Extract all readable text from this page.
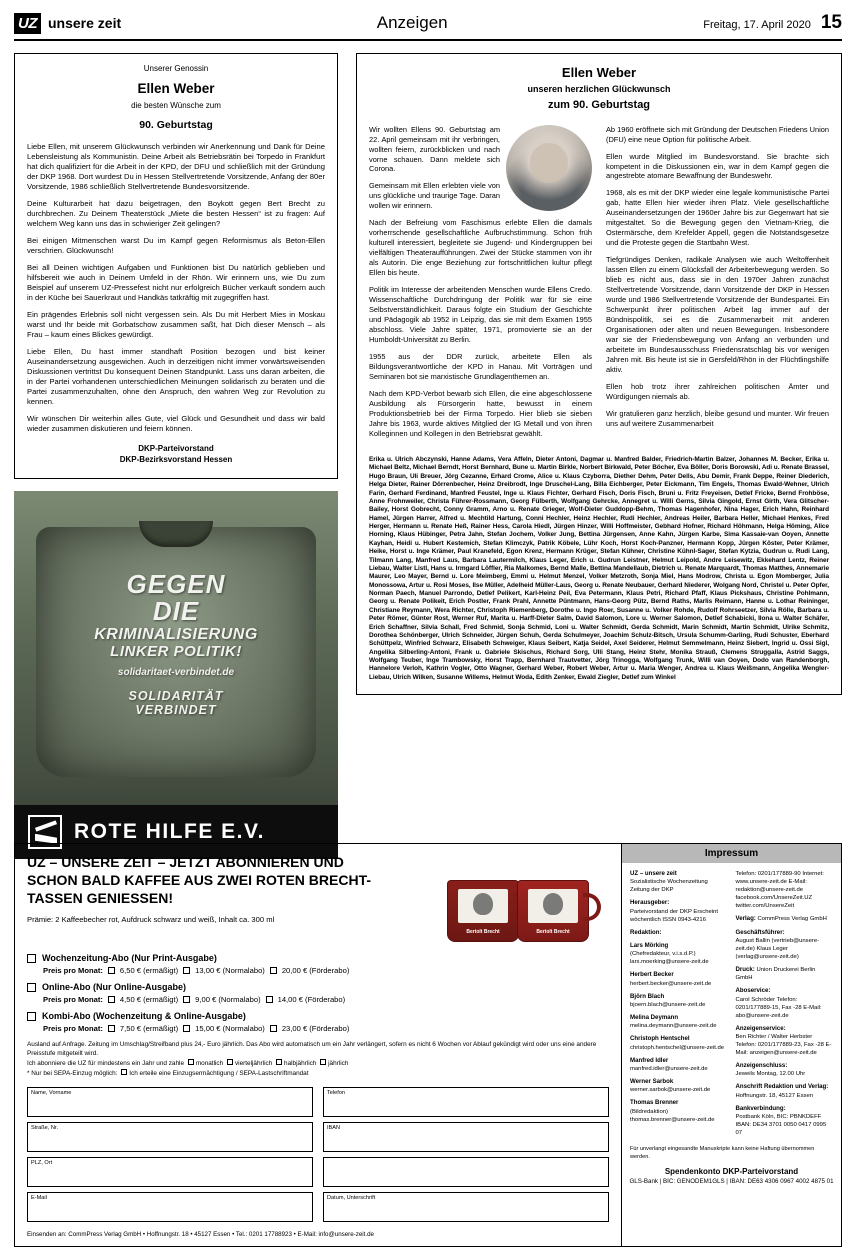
UZ unsere zeit	Anzeigen	Freitag, 17. April 2020 15
Unserer Genossin
Ellen Weber
die besten Wünsche zum
90. Geburtstag

Liebe Ellen, mit unserem Glückwunsch verbinden wir Anerkennung und Dank für Deine Lebensleistung als Kommunistin. Deine Arbeit als Betriebsrätin bei Torpedo in Frankfurt hat dich qualifiziert für die Arbeit in der KPD, der DFU und schließlich mit der Gründung der DKP 1968. Dort wurdest Du in Hessen Stellvertretende Vorsitzende, Anfang der 80er Vorsitzende, 1986 schließlich Stellvertretende Bundesvorsitzende.

Deine Kulturarbeit hat dazu beigetragen, den Boykott gegen Bert Brecht zu durchbrechen. Zu Deinem Theaterstück „Miete die besten Hessen“ ist zu fragen: Auf welchem Weg kann uns das in schwieriger Zeit gelingen?

Bei einigen Mitmenschen warst Du im Kampf gegen Reformismus als Beton-Ellen verschrien. Glückwunsch!

Bei all Deinen wichtigen Aufgaben und Funktionen bist Du natürlich geblieben und hilfsbereit wie auch in Deinem Umfeld in der Rhön. Wir erinnern uns, wie Du zum Beispiel auf unserem UZ-Pressefest nicht nur erfolgreich Bücher verkauft sondern auch in der Küche bei Sauerkraut und Handkäs tatkräftig mit zugegriffen hast.

Ein prägendes Erlebnis soll nicht vergessen sein. Als Du mit Herbert Mies in Moskau warst und Ihr beide mit Gorbatschow zusammen saßt, hat Dich dieser Mensch – als Frau – kaum eines Blickes gewürdigt.

Liebe Ellen, Du hast immer standhaft Position bezogen und bist keiner Auseinandersetzung ausgewichen. Auch in derzeitigen nicht immer vorwärtsweisenden Diskussionen vertrittst Du konsequent Deinen Standpunkt. Lass uns daran arbeiten, die in der Partei vorhandenen unterschiedlichen Meinungen solidarisch zu beraten und die Partei zusammenzuhalten, ohne den Anspruch, den wahren Weg zur Revolution zu kennen.

Wir wünschen Dir weiterhin alles Gute, viel Glück und Gesundheit und dass wir bald wieder zusammen diskutieren und feiern können.

DKP-Parteivorstand
DKP-Bezirksvorstand Hessen
GEGEN
DIE
KRIMINALISIERUNG
LINKER POLITIK!
solidaritaet-verbindet.de
SOLIDARITÄT
VERBINDET
ROTE HILFE E.V.
Ellen Weber
unseren herzlichen Glückwunsch
zum 90. Geburtstag

Wir wollten Ellens 90. Geburtstag am 22. April gemeinsam mit ihr verbringen, wollten feiern, zurückblicken und nach vorne schauen. Dann meldete sich Corona.

Gemeinsam mit Ellen erlebten viele von uns glückliche und traurige Tage. Daran wollen wir erinnern.

Nach der Befreiung vom Faschismus erlebte Ellen die damals vorherrschende gesellschaftliche Aufbruchstimmung. Schon früh kulturell interessiert, begleitete sie Jugend- und Kindergruppen bei vielfältigen Theateraufführungen. Zwei der Stücke stammen von ihr als Autorin. Die enge Beziehung zur fortschrittlichen kultur pflegt Ellen bis heute.

Politik im Interesse der arbeitenden Menschen wurde Ellens Credo. Wissenschaftliche Durchdringung der Politik war für sie eine Selbstverständlichkeit. Daraus folgte ein Studium der Geschichte und Pädagogik ab 1952 in Leipzig, das sie mit dem Examen 1955 abschloss. Viele Jahre später, 1971, promovierte sie an der Humboldt-Universität zu Berlin.

1955 aus der DDR zurück, arbeitete Ellen als Bildungsverantwortliche der KPD in Hanau. Mit Vorträgen und Seminaren bot sie marxistische Grundlagenthemen an.

Nach dem KPD-Verbot bewarb sich Ellen, die eine abgeschlossene Ausbildung als Fürsorgerin hatte, bewusst in einem Produktionsbetrieb bei der Firma Torpedo. Hier blieb sie sieben Jahre bis 1963, wurde aktives Mitglied der IG Metall und von ihren Kolleginnen und Kollegen in den Betriebsrat gewählt.

Ab 1960 eröffnete sich mit Gründung der Deutschen Friedens Union (DFU) eine neue Option für politische Arbeit.

Ellen wurde Mitglied im Bundesvorstand. Sie brachte sich kompetent in die Diskussionen ein, war in dem Kampf gegen die angestrebte atomare Bewaffnung der Bundeswehr.

1968, als es mit der DKP wieder eine legale kommunistische Partei gab, hatte Ellen hier wieder ihren Platz. Viele gesellschaftliche Auseinandersetzungen der 1960er Jahre bis zur Gegenwart hat sie mitgestaltet. So die Bewegung gegen den Vietnam-Krieg, die Ostermärsche, dem Krefelder Appell, gegen die Notstandsgesetze und die Proteste gegen die Startbahn West.

Tiefgründiges Denken, radikale Analysen wie auch Weltoffenheit lassen Ellen zu einem Glücksfall der Arbeiterbewegung werden. So blieb es nicht aus, dass sie in den 1970er Jahren zunächst Stellvertretende Vorsitzende, dann Vorsitzende der DKP in Hessen wurde und 1986 Stellvertretende Vorsitzende der Bundespartei. Ein Schwerpunkt ihrer politischen Arbeit lag immer auf der Bündnispolitik, sei es die Zusammenarbeit mit anderen Organisationen oder alten und neuen Bewegungen. Insbesondere war sie der Friedensbewegung von Anfang an verbunden und arbeitete im Bundesausschuss Friedensratschlag bis vor wenigen Jahren mit. Bis heute ist sie in Gersfeld/Rhön in der Flüchtlingshilfe aktiv.

Ellen hob trotz ihrer zahlreichen politischen Ämter und Würdigungen niemals ab.

Wir gratulieren ganz herzlich, bleibe gesund und munter. Wir freuen uns auf weitere Zusammenarbeit

Erika u. Ulrich Abczynski, Hanne Adams, Vera Affeln, Dieter Antoni, Dagmar u. Manfred Balder, Friedrich-Martin Balzer, Johannes M. Becker, Erika u. Michael Beltz, Michael Berndt, Horst Bernhard, Bune u. Martin Birkle, Norbert Birkwald, Peter Böcher, Eva Böller, Doris Borowski, Adi u. Renate Brassel, Hugo Braun, Uli Breuer, Jörg Cezanne, Erhard Crome, Alice u. Klaus Czyborra, Diether Dehm, Peter Dells, Abu Demir, Frank Deppe, Reiner Diederich, Helga Dieter, Rainer Dörrenbecher, Heinz Dreibrodt, Inge Druschel-Lang, Billa Eichberger, Peter Eickmann, Tim Engels, Thomas Ewald-Wehner, Ulrich Farin, Gerhard Ferdinand, Manfred Feustel, Inge u. Klaus Fichter, Gerhard Fisch, Doris Fisch, Bruni u. Fritz Freyeisen, Detlef Fricke, Bernd Frohböse, Anne Frohnweiler, Christa Führer-Rossmann, Georg Fülberth, Wolfgang Gehrcke, Annegret u. Willi Gerns, Silvia Gingold, Ernst Girth, Vera Glitscher-Bailey, Horst Gobrecht, Conny Gramm, Arno u. Renate Grieger, Wolf-Dieter Guddopp-Behm, Thomas Hagenhofer, Nina Hager, Erich Hahn, Reinhard Hamel, Jürgen Harrer, Alfred u. Mechtild Hartung, Conni Hechler, Heinz Hechler, Rudi Hechler, Andreas Heiler, Barbara Heller, Michael Henkes, Fred Herger, Hermann u. Renate Heß, Rainer Hess, Carola Hiedl, Jürgen Hinzer, Willi Hoffmeister, Gebhard Hofner, Richard Höhmann, Helga Höming, Alice Horning, Klaus Hübinger, Petra Jahn, Stefan Jochem, Volker Jung, Bettina Jürgensen, Anne Kahn, Jürgen Karbe, Sima Kassaie-van Ooyen, Annette Kayhan, Heidi u. Hubert Kestemich, Stefan Klimczyk, Patrik Köbele, Lühr Koch, Horst Koch-Panzner, Hermann Kopp, Jürgen Köster, Peter Krämer, Heike, Horst u. Inge Krämer, Paul Kranefeld, Egon Krenz, Hermann Krüger, Stefan Kühner, Christine Kühnl-Sager, Stefan Kytzia, Gudrun u. Rudi Lang, Tilmann Lang, Manfred Laus, Barbara Lautermilch, Klaus Leger, Erich u. Gudrun Leistner, Helmut Leipold, Andre Leisewitz, Ekkehard Lentz, Reiner Liebau, Walter Listl, Hans u. Irmgard Löffler, Ria Malkomes, Bernd Malle, Bettina Mandellaub, Dietrich u. Renate Marquardt, Thomas Matthes, Annemarie Maurer, Leo Mayer, Bernd u. Lore Meimberg, Emmi u. Helmut Menzel, Volker Metzroth, Sonja Miel, Hans Modrow, Christa u. Egon Momberger, Julia Monossowa, Artur u. Rosi Moses, Ilse Müller, Adelheid Müller-Laus, Georg u. Renate Neubauer, Gerhard Niederer, Wolgang Nord, Christel u. Peter Opfer, Norman Paech, Manuel Parrondo, Detlef Pelikert, Karl-Heinz Peil, Eva Petermann, Klaus Petri, Richard Pfaff, Klaus Pickshaus, Christine Pohlmann, Georg u. Renate Polikeit, Erich Postler, Frank Prahl, Annette Püntmann, Hans-Georg Pütz, Bernd Raths, Marlis Reimann, Hanne u. Lothar Reininger, Christiane Reymann, Wera Richter, Christoph Riemenberg, Dorothe u. Ingo Roer, Susanne u. Volker Rohde, Rudolf Rohrseetzer, Silvia Rölle, Barbara u. Peter Römer, Günter Rost, Werner Ruf, Marita u. Harff-Dieter Salm, David Salomon, Lore u. Werner Salomon, Detlef Schabicki, Ilona u. Walter Schäfer, Erich Schaffner, Silvia Schall, Fred Schmid, Sonja Schmid, Loni u. Walter Schmidt, Gerda Schmidt, Marin Schmidt, Martin Schmidt, Ulrike Schmitz, Dorothea Schönberger, Ulrich Schneider, Jürgen Schuh, Gerda Schulmeyer, Joachim Schulz-Bitsch, Ursula Schumm-Garling, Rudi Schuster, Eberhard Schüttpelz, Winfried Schwarz, Elisabeth Schweiger, Klaus Seibert, Katja Seidel, Axel Seiderer, Helmut Semmelmann, Heinz Siebert, Ingrid u. Ossi Sigl, Angelika Silberling-Antoni, Frank u. Gabriele Skischus, Richard Sorg, Ulli Stang, Heinz Stehr, Monika Strauß, Clemens Struggalla, Astrid Saggs, Wolfgang Teuber, Inge Trambowsky, Horst Trapp, Bernhard Trautvetter, Jörg Trinogga, Wolfgang Trunk, Willi van Ooyen, Dodo van Randenborgh, Hannelore Verloh, Kathrin Vogler, Otto Wagner, Gerhard Weber, Robert Weber, Artur u. Maria Wenger, Andrea u. Klaus Weißmann, Angelika Wengler-Liebau, Ulrich Wilken, Susanne Willems, Helmut Woda, Edith Zenker, Ewald Ziegler, Detlef zum Winkel
UZ – UNSERE ZEIT – JETZT ABONNIEREN UND SCHON BALD KAFFEE AUS ZWEI ROTEN BRECHT-TASSEN GENIESSEN!
Prämie: 2 Kaffeebecher rot, Aufdruck schwarz und weiß, Inhalt ca. 300 ml
Bertolt Brecht	Bertolt Brecht
Wochenzeitung-Abo (Nur Print-Ausgabe)
Preis pro Monat: 6,50 € (ermäßigt) 13,00 € (Normalabo) 20,00 € (Förderabo)
Online-Abo (Nur Online-Ausgabe)
Preis pro Monat: 4,50 € (ermäßigt) 9,00 € (Normalabo) 14,00 € (Förderabo)
Kombi-Abo (Wochenzeitung & Online-Ausgabe)
Preis pro Monat: 7,50 € (ermäßigt) 15,00 € (Normalabo) 23,00 € (Förderabo)
Ausland auf Anfrage. Zeitung im Umschlag/Streifband plus 24,- Euro jährlich. Das Abo wird automatisch um ein Jahr verlängert, sofern es nicht 6 Wochen vor Ablauf gekündigt wird oder uns eine andere Preisstufe mitgeteilt wird.
Ich abonniere die UZ für mindestens ein Jahr und zahle monatlich vierteljährlich halbjährlich jährlich
* Nur bei SEPA-Einzug möglich: Ich erteile eine Einzugsermächtigung / SEPA-Lastschriftmandat
Name, Vorname
Straße, Nr.
PLZ, Ort
E-Mail
Telefon
IBAN
Datum, Unterschrift
Einsenden an: CommPress Verlag GmbH • Hoffnungstr. 18 • 45127 Essen • Tel.: 0201 17788923 • E-Mail: info@unsere-zeit.de
Impressum

UZ – unsere zeit
Sozialistische Wochenzeitung Zeitung der DKP

Herausgeber:
Parteivorstand der DKP Erscheint wöchentlich ISSN 0943-4216

Redaktion:

Lars Mörking
(Chefredakteur, v.i.s.d.P.) lars.moerking@unsere-zeit.de

Herbert Becker
herbert.becker@unsere-zeit.de

Björn Blach
bjoern.blach@unsere-zeit.de

Melina Deymann
melina.deymann@unsere-zeit.de

Christoph Hentschel
christoph.hentschel@unsere-zeit.de

Manfred Idler
manfred.idler@unsere-zeit.de

Werner Sarbok
werner.sarbok@unsere-zeit.de

Thomas Brenner
(Bildredaktion) thomas.brenner@unsere-zeit.de

Telefon: 0201/177889-90 Internet: www.unsere-zeit.de E-Mail: redaktion@unsere-zeit.de facebook.com/UnsereZeit.UZ twitter.com/UnsereZeit

Verlag: CommPress Verlag GmbH

Geschäftsführer:
August Ballin (vertrieb@unsere-zeit.de) Klaus Leger (verlag@unsere-zeit.de)

Druck: Union Druckerei Berlin GmbH

Aboservice:
Carol Schröder Telefon: 0201/177889-15, Fax -28 E-Mail: abo@unsere-zeit.de

Anzeigenservice:
Ben Richter / Walter Herbster Telefon: 0201/177889-23, Fax -28 E-Mail: anzeigen@unsere-zeit.de

Anzeigenschluss:
Jeweils Montag, 12.00 Uhr

Anschrift Redaktion und Verlag:
Hoffnungstr. 18, 45127 Essen

Bankverbindung:
Postbank Köln, BIC: PBNKDEFF IBAN: DE34 3701 0050 0417 0995 07

Für unverlangt eingesandte Manuskripte kann keine Haftung übernommen werden.
Spendenkonto DKP-Parteivorstand
GLS-Bank | BIC: GENODEM1GLS | IBAN: DE63 4306 0967 4002 4875 01
